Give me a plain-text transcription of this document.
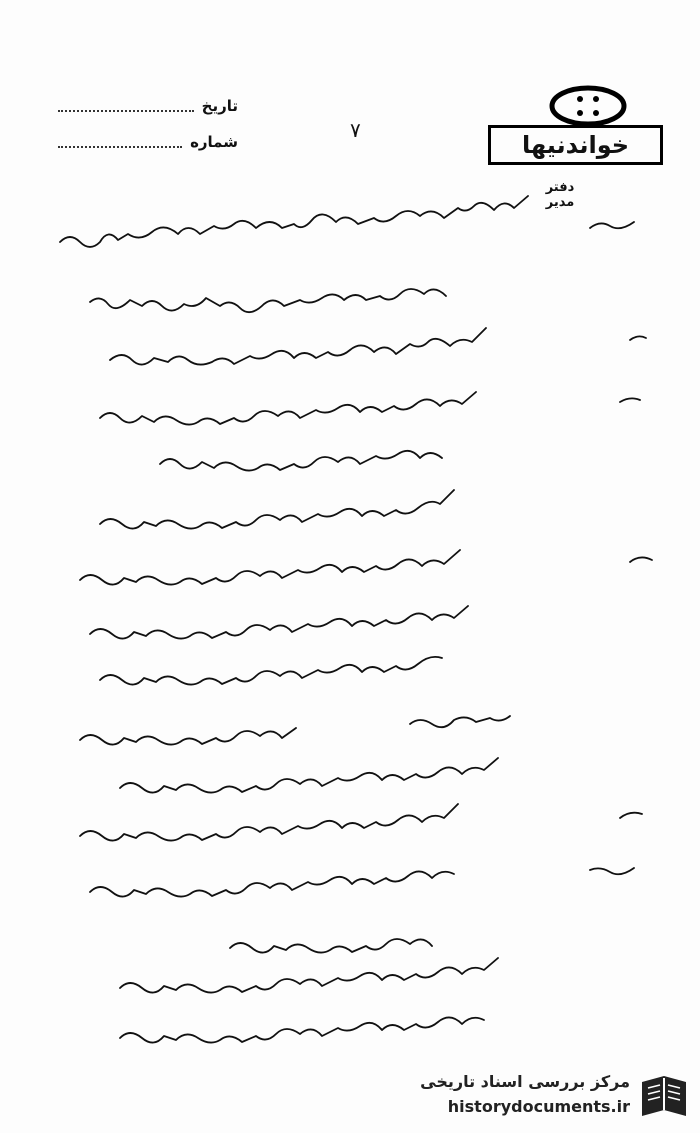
تاریخ
شماره	٧
خواندنیها
دفتر مدیر
مرکز بررسی اسناد تاریخی
historydocuments.ir
